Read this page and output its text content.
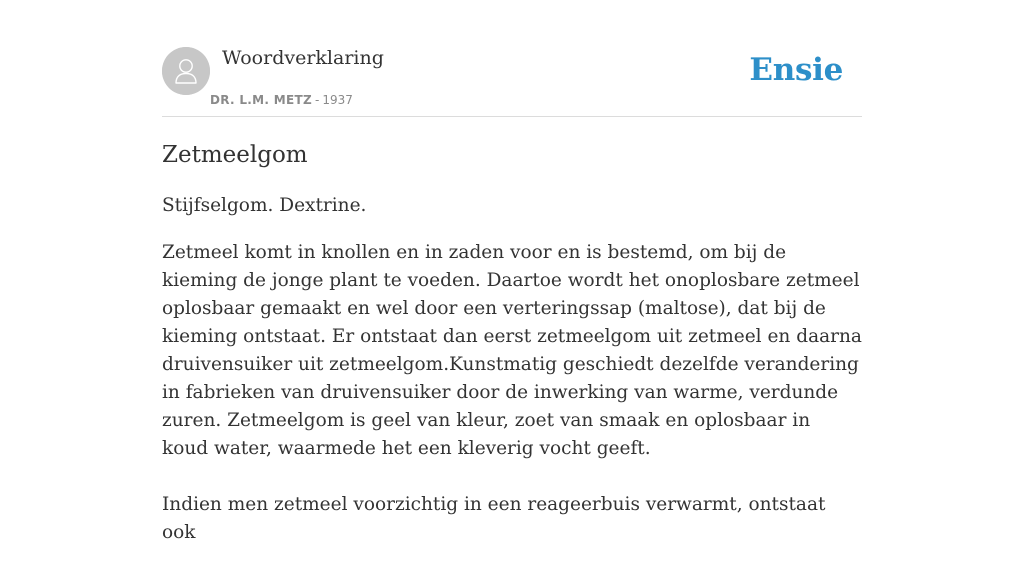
Woordverklaring
DR. L.M. METZ - 1937
Ensie
Zetmeelgom

Stijfselgom. Dextrine.

Zetmeel komt in knollen en in zaden voor en is bestemd, om bij de kieming de jonge plant te voeden. Daartoe wordt het onoplosbare zetmeel oplosbaar gemaakt en wel door een verteringssap (maltose), dat bij de kieming ontstaat. Er ontstaat dan eerst zetmeelgom uit zetmeel en daarna druivensuiker uit zetmeelgom.Kunstmatig geschiedt dezelfde verandering in fabrieken van druivensuiker door de inwerking van warme, verdunde zuren. Zetmeelgom is geel van kleur, zoet van smaak en oplosbaar in koud water, waarmede het een kleverig vocht geeft.

Indien men zetmeel voorzichtig in een reageerbuis verwarmt, ontstaat ook
